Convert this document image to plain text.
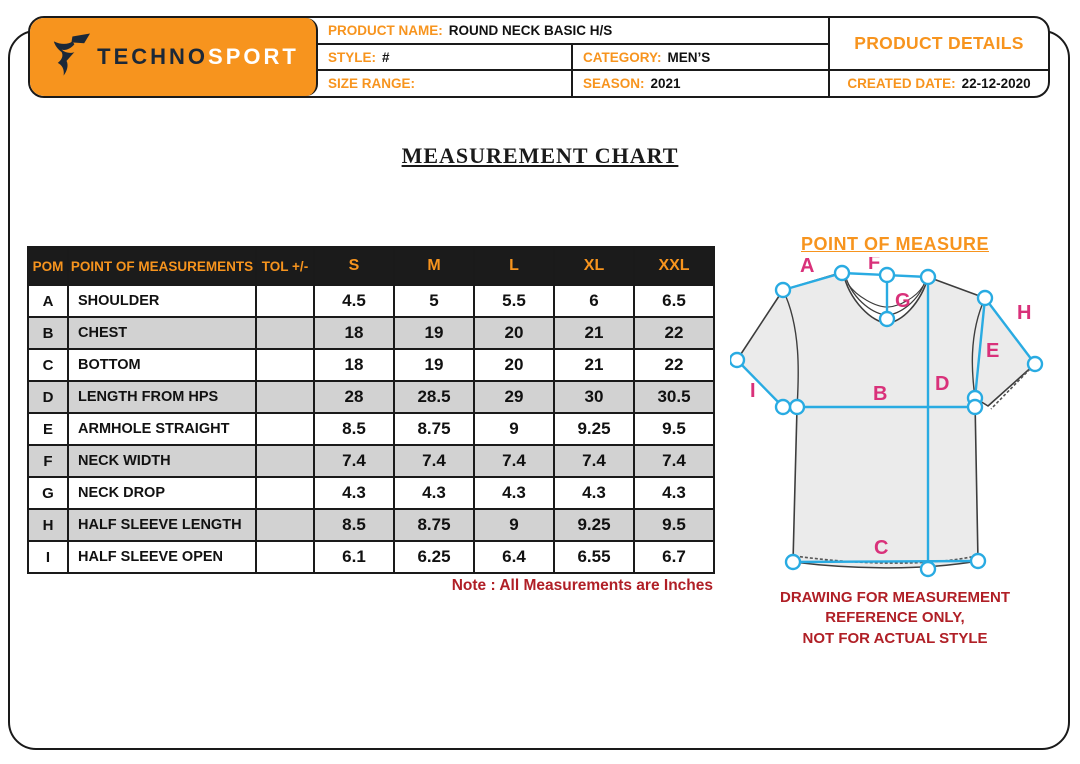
TECHNOSPORT
PRODUCT NAME: ROUND NECK BASIC H/S
STYLE: #	CATEGORY: MEN’S
SIZE RANGE:	SEASON: 2021
PRODUCT DETAILS
CREATED DATE: 22-12-2020
MEASUREMENT CHART
POM	POINT OF MEASUREMENTS	TOL +/-	S	M	L	XL	XXL
A	SHOULDER		4.5	5	5.5	6	6.5
B	CHEST		18	19	20	21	22
C	BOTTOM		18	19	20	21	22
D	LENGTH FROM HPS		28	28.5	29	30	30.5
E	ARMHOLE STRAIGHT		8.5	8.75	9	9.25	9.5
F	NECK WIDTH		7.4	7.4	7.4	7.4	7.4
G	NECK DROP		4.3	4.3	4.3	4.3	4.3
H	HALF SLEEVE LENGTH		8.5	8.75	9	9.25	9.5
I	HALF SLEEVE OPEN		6.1	6.25	6.4	6.55	6.7
Note : All Measurements are Inches
POINT OF MEASURE
A	F
G
D
E
H
B
I
C
DRAWING FOR MEASUREMENT
REFERENCE ONLY,
NOT FOR ACTUAL STYLE
